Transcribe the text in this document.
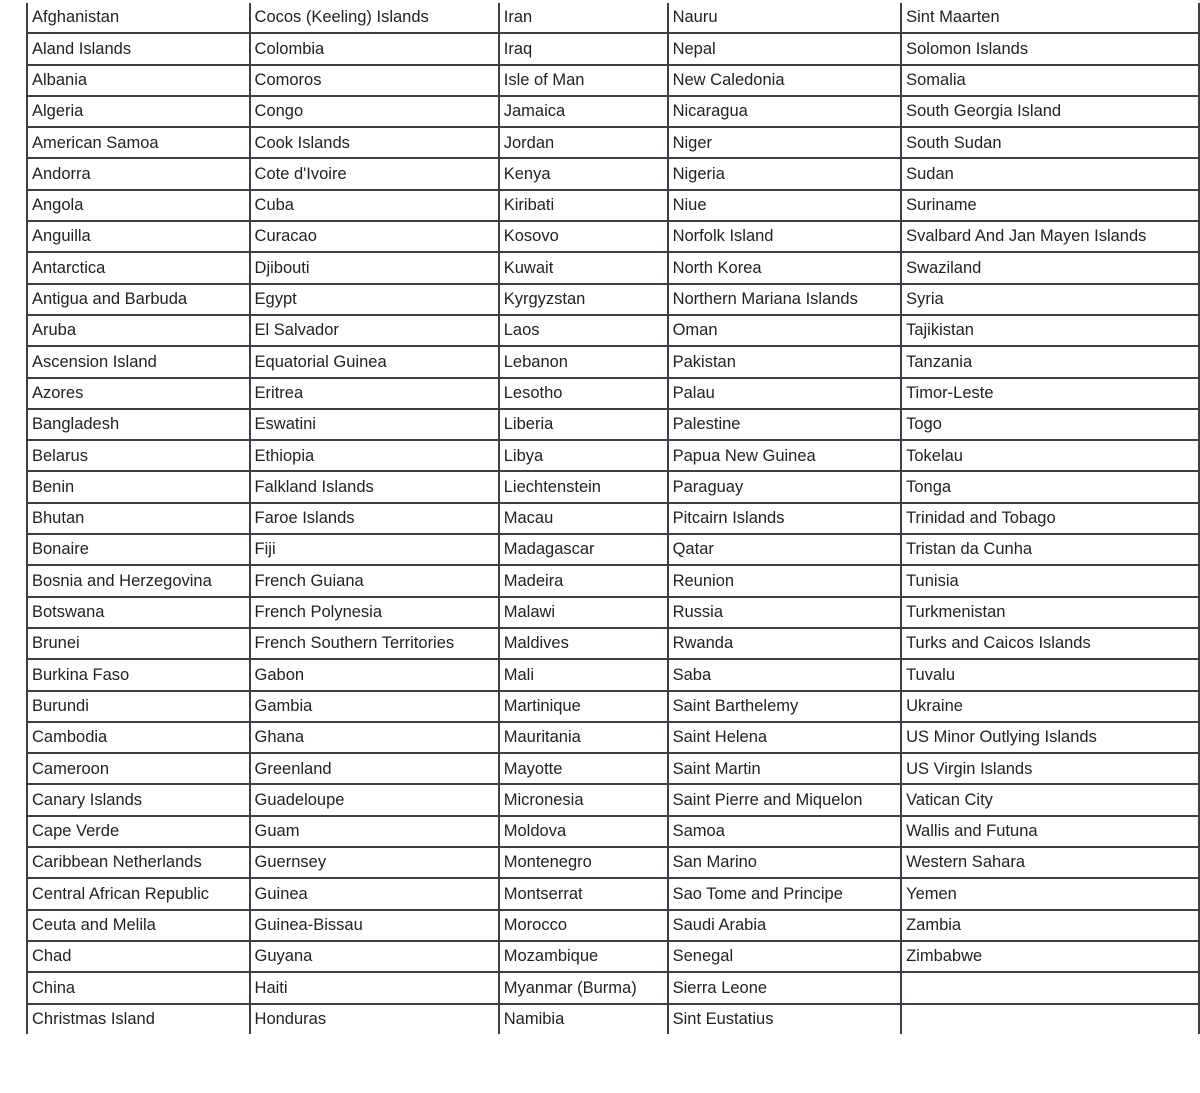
Afghanistan	Cocos (Keeling) Islands	Iran	Nauru	Sint Maarten
Aland Islands	Colombia	Iraq	Nepal	Solomon Islands
Albania	Comoros	Isle of Man	New Caledonia	Somalia
Algeria	Congo	Jamaica	Nicaragua	South Georgia Island
American Samoa	Cook Islands	Jordan	Niger	South Sudan
Andorra	Cote d'Ivoire	Kenya	Nigeria	Sudan
Angola	Cuba	Kiribati	Niue	Suriname
Anguilla	Curacao	Kosovo	Norfolk Island	Svalbard And Jan Mayen Islands
Antarctica	Djibouti	Kuwait	North Korea	Swaziland
Antigua and Barbuda	Egypt	Kyrgyzstan	Northern Mariana Islands	Syria
Aruba	El Salvador	Laos	Oman	Tajikistan
Ascension Island	Equatorial Guinea	Lebanon	Pakistan	Tanzania
Azores	Eritrea	Lesotho	Palau	Timor-Leste
Bangladesh	Eswatini	Liberia	Palestine	Togo
Belarus	Ethiopia	Libya	Papua New Guinea	Tokelau
Benin	Falkland Islands	Liechtenstein	Paraguay	Tonga
Bhutan	Faroe Islands	Macau	Pitcairn Islands	Trinidad and Tobago
Bonaire	Fiji	Madagascar	Qatar	Tristan da Cunha
Bosnia and Herzegovina	French Guiana	Madeira	Reunion	Tunisia
Botswana	French Polynesia	Malawi	Russia	Turkmenistan
Brunei	French Southern Territories	Maldives	Rwanda	Turks and Caicos Islands
Burkina Faso	Gabon	Mali	Saba	Tuvalu
Burundi	Gambia	Martinique	Saint Barthelemy	Ukraine
Cambodia	Ghana	Mauritania	Saint Helena	US Minor Outlying Islands
Cameroon	Greenland	Mayotte	Saint Martin	US Virgin Islands
Canary Islands	Guadeloupe	Micronesia	Saint Pierre and Miquelon	Vatican City
Cape Verde	Guam	Moldova	Samoa	Wallis and Futuna
Caribbean Netherlands	Guernsey	Montenegro	San Marino	Western Sahara
Central African Republic	Guinea	Montserrat	Sao Tome and Principe	Yemen
Ceuta and Melila	Guinea-Bissau	Morocco	Saudi Arabia	Zambia
Chad	Guyana	Mozambique	Senegal	Zimbabwe
China	Haiti	Myanmar (Burma)	Sierra Leone	
Christmas Island	Honduras	Namibia	Sint Eustatius	
